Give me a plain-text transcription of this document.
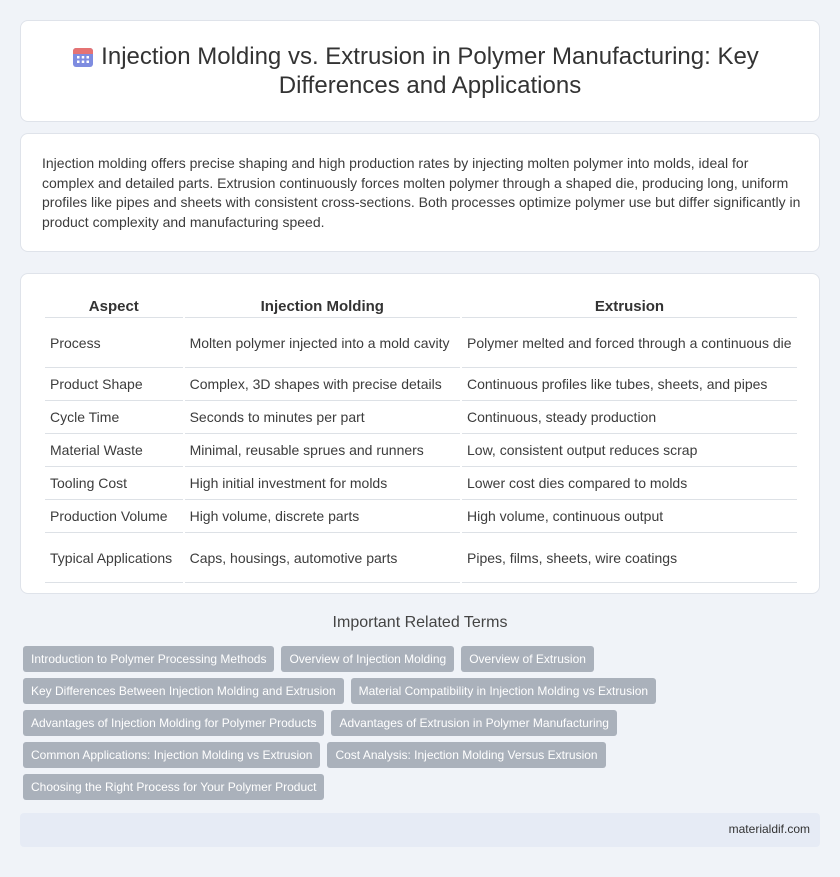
Injection Molding vs. Extrusion in Polymer Manufacturing: Key Differences and Applications

Injection molding offers precise shaping and high production rates by injecting molten polymer into molds, ideal for complex and detailed parts. Extrusion continuously forces molten polymer through a shaped die, producing long, uniform profiles like pipes and sheets with consistent cross-sections. Both processes optimize polymer use but differ significantly in product complexity and manufacturing speed.

Aspect	Injection Molding	Extrusion
Process	Molten polymer injected into a mold cavity	Polymer melted and forced through a continuous die
Product Shape	Complex, 3D shapes with precise details	Continuous profiles like tubes, sheets, and pipes
Cycle Time	Seconds to minutes per part	Continuous, steady production
Material Waste	Minimal, reusable sprues and runners	Low, consistent output reduces scrap
Tooling Cost	High initial investment for molds	Lower cost dies compared to molds
Production Volume	High volume, discrete parts	High volume, continuous output
Typical Applications	Caps, housings, automotive parts	Pipes, films, sheets, wire coatings
Important Related Terms
Introduction to Polymer Processing Methods	Overview of Injection Molding	Overview of Extrusion
Key Differences Between Injection Molding and Extrusion	Material Compatibility in Injection Molding vs Extrusion
Advantages of Injection Molding for Polymer Products	Advantages of Extrusion in Polymer Manufacturing
Common Applications: Injection Molding vs Extrusion	Cost Analysis: Injection Molding Versus Extrusion
Choosing the Right Process for Your Polymer Product
materialdif.com
